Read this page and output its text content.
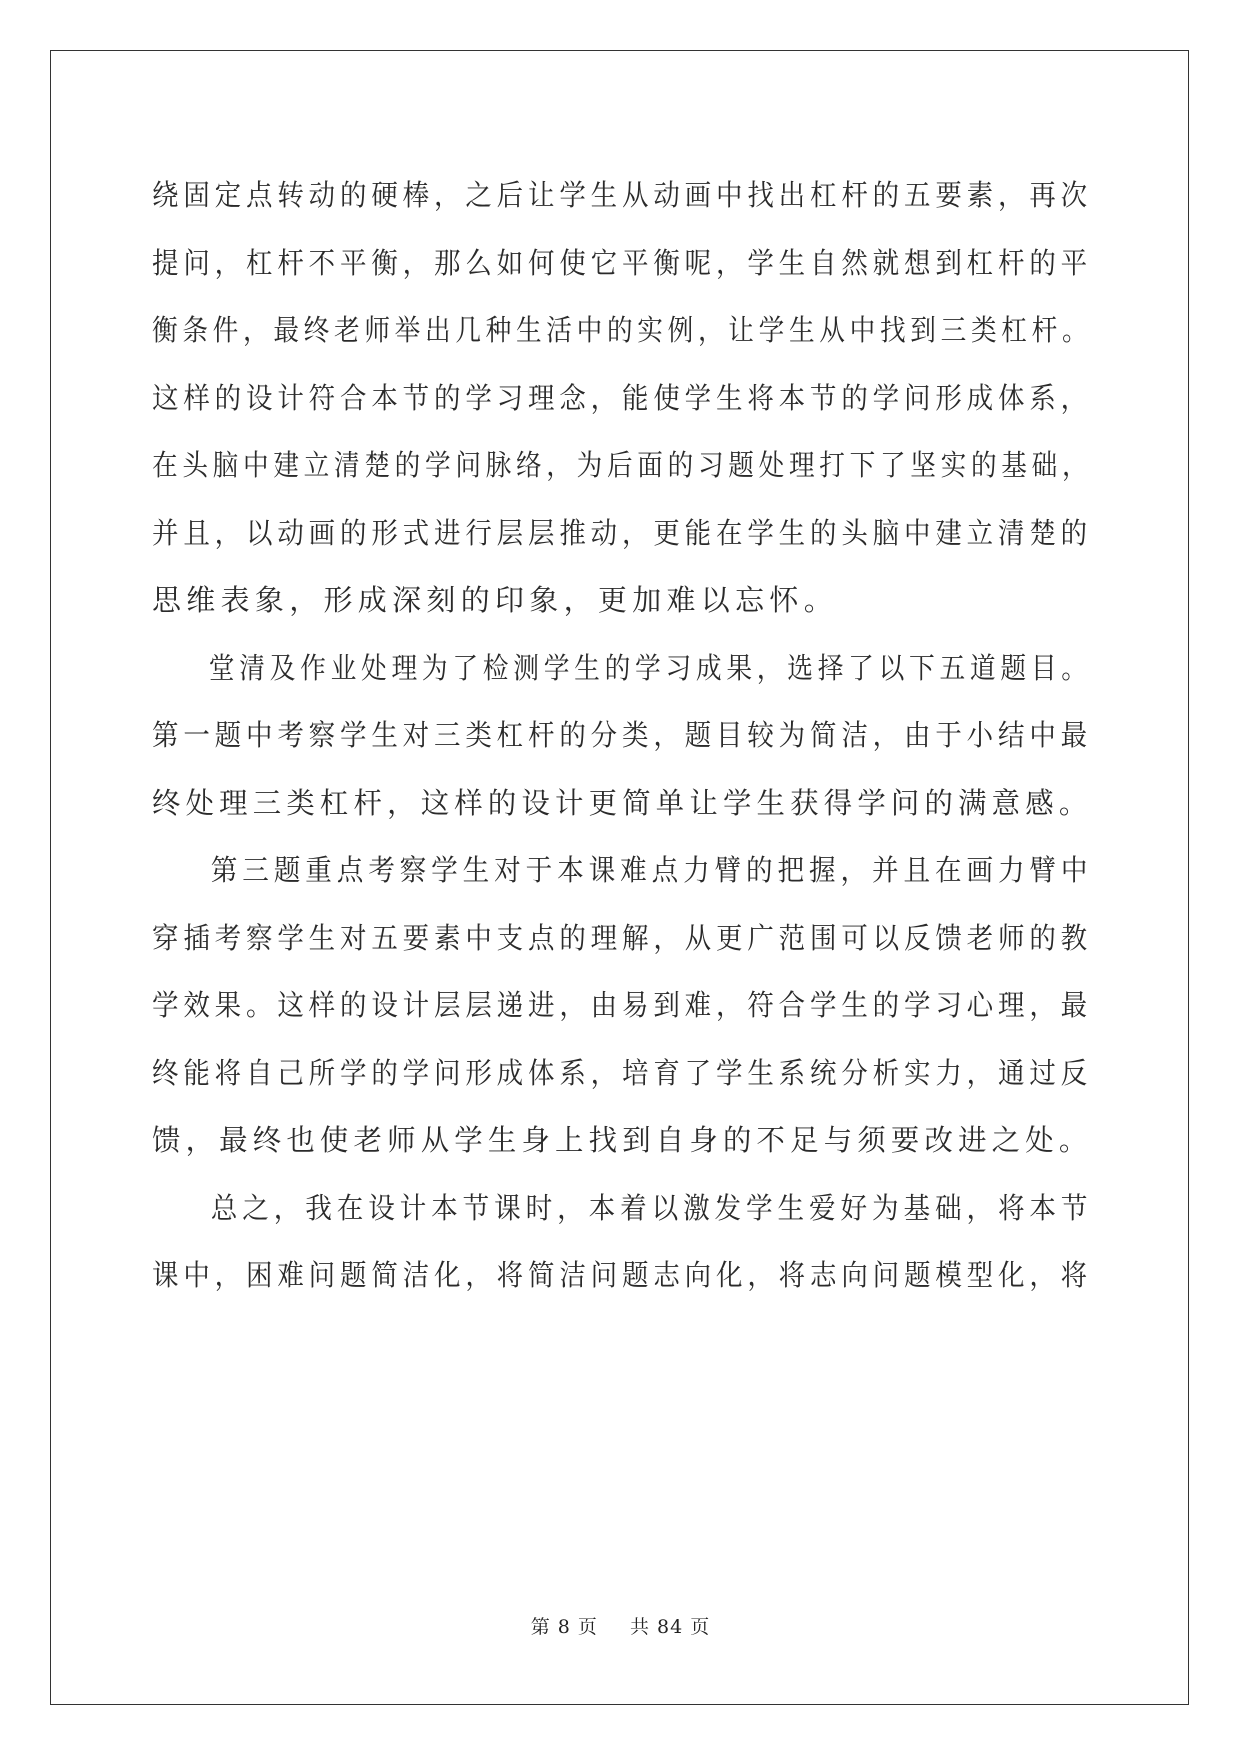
绕固定点转动的硬棒，之后让学生从动画中找出杠杆的五要素，再次
提问，杠杆不平衡，那么如何使它平衡呢，学生自然就想到杠杆的平
衡条件，最终老师举出几种生活中的实例，让学生从中找到三类杠杆。
这样的设计符合本节的学习理念，能使学生将本节的学问形成体系，
在头脑中建立清楚的学问脉络，为后面的习题处理打下了坚实的基础，
并且，以动画的形式进行层层推动，更能在学生的头脑中建立清楚的
思维表象，形成深刻的印象，更加难以忘怀。
堂清及作业处理为了检测学生的学习成果，选择了以下五道题目。
第一题中考察学生对三类杠杆的分类，题目较为简洁，由于小结中最
终处理三类杠杆，这样的设计更简单让学生获得学问的满意感。
第三题重点考察学生对于本课难点力臂的把握，并且在画力臂中
穿插考察学生对五要素中支点的理解，从更广范围可以反馈老师的教
学效果。这样的设计层层递进，由易到难，符合学生的学习心理，最
终能将自己所学的学问形成体系，培育了学生系统分析实力，通过反
馈，最终也使老师从学生身上找到自身的不足与须要改进之处。
总之，我在设计本节课时，本着以激发学生爱好为基础，将本节
课中，困难问题简洁化，将简洁问题志向化，将志向问题模型化，将
第 8 页 共 84 页
